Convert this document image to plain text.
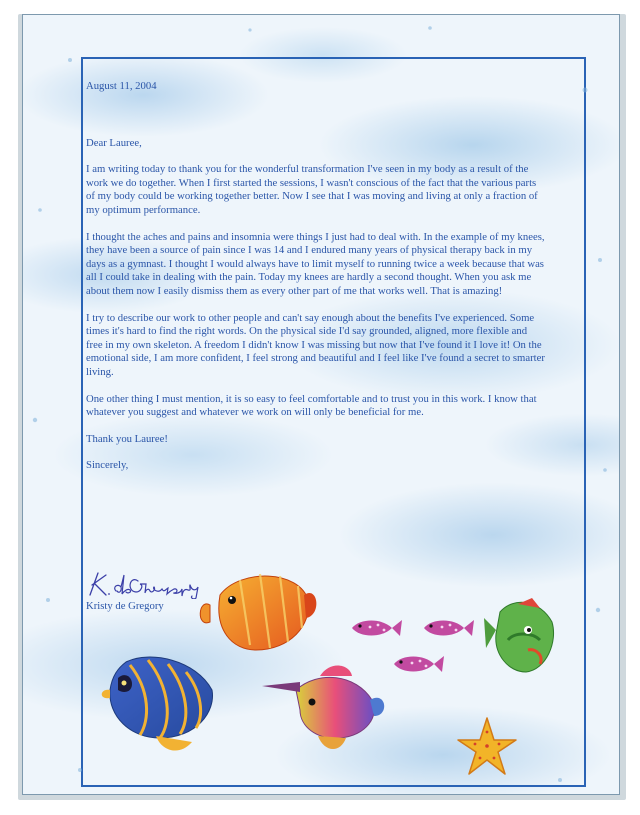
August 11, 2004

Dear Lauree,

I am writing today to thank you for the wonderful transformation I've seen in my body as a result of the work we do together. When I first started the sessions, I wasn't conscious of the fact that the various parts of my body could be working together better. Now I see that I was moving and living at only a fraction of my optimum performance.

I thought the aches and pains and insomnia were things I just had to deal with. In the example of my knees, they have been a source of pain since I was 14 and I endured many years of physical therapy back in my days as a gymnast. I thought I would always have to limit myself to running twice a week because that was all I could take in dealing with the pain. Today my knees are hardly a second thought. When you ask me about them now I easily dismiss them as every other part of me that works well. That is amazing!

I try to describe our work to other people and can't say enough about the benefits I've experienced. Some times it's hard to find the right words. On the physical side I'd say grounded, aligned, more flexible and free in my own skeleton. A freedom I didn't know I was missing but now that I've found it I love it! On the emotional side, I am more confident, I feel strong and beautiful and I feel like I've found a secret to smarter living.

One other thing I must mention, it is so easy to feel comfortable and to trust you in this work. I know that whatever you suggest and whatever we work on will only be beneficial for me.

Thank you Lauree!

Sincerely,

Kristy de Gregory
